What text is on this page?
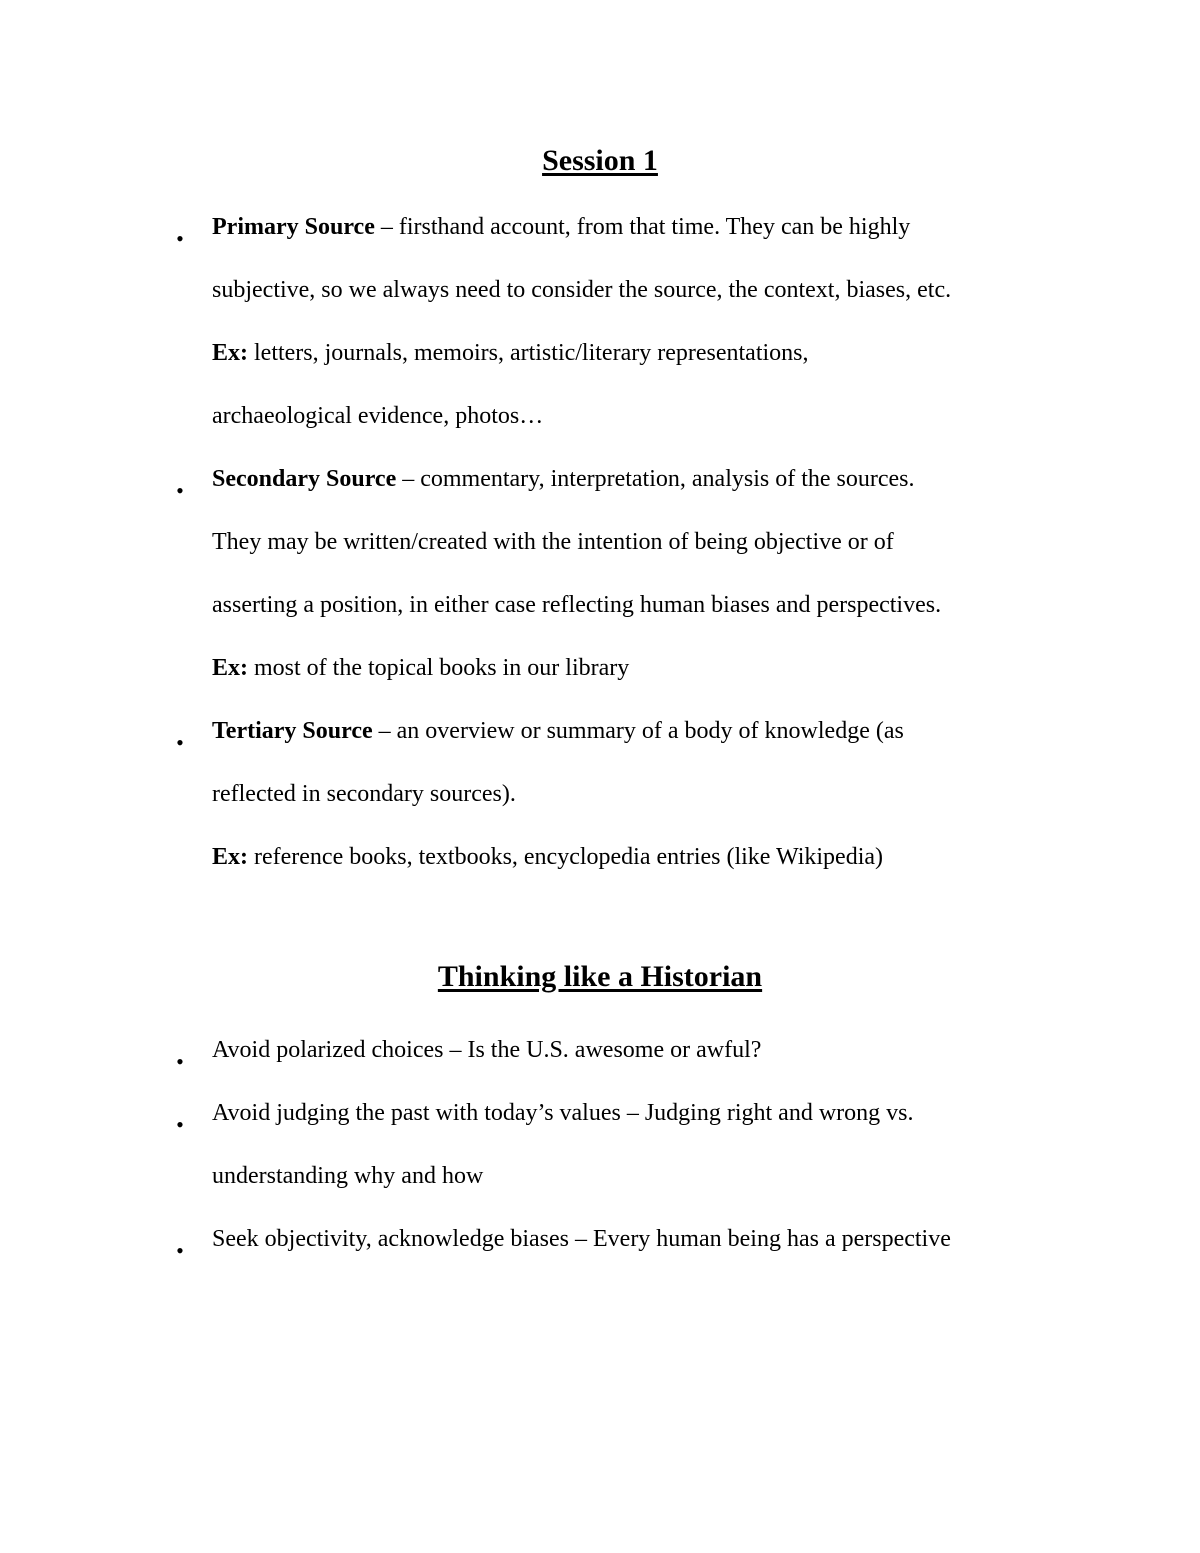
Session 1
• Primary Source – firsthand account, from that time. They can be highly
subjective, so we always need to consider the source, the context, biases, etc.
Ex: letters, journals, memoirs, artistic/literary representations,
archaeological evidence, photos…
• Secondary Source – commentary, interpretation, analysis of the sources.
They may be written/created with the intention of being objective or of
asserting a position, in either case reflecting human biases and perspectives.
Ex: most of the topical books in our library
• Tertiary Source – an overview or summary of a body of knowledge (as
reflected in secondary sources).
Ex: reference books, textbooks, encyclopedia entries (like Wikipedia)
Thinking like a Historian
• Avoid polarized choices – Is the U.S. awesome or awful?
• Avoid judging the past with today’s values – Judging right and wrong vs.
understanding why and how
• Seek objectivity, acknowledge biases – Every human being has a perspective
